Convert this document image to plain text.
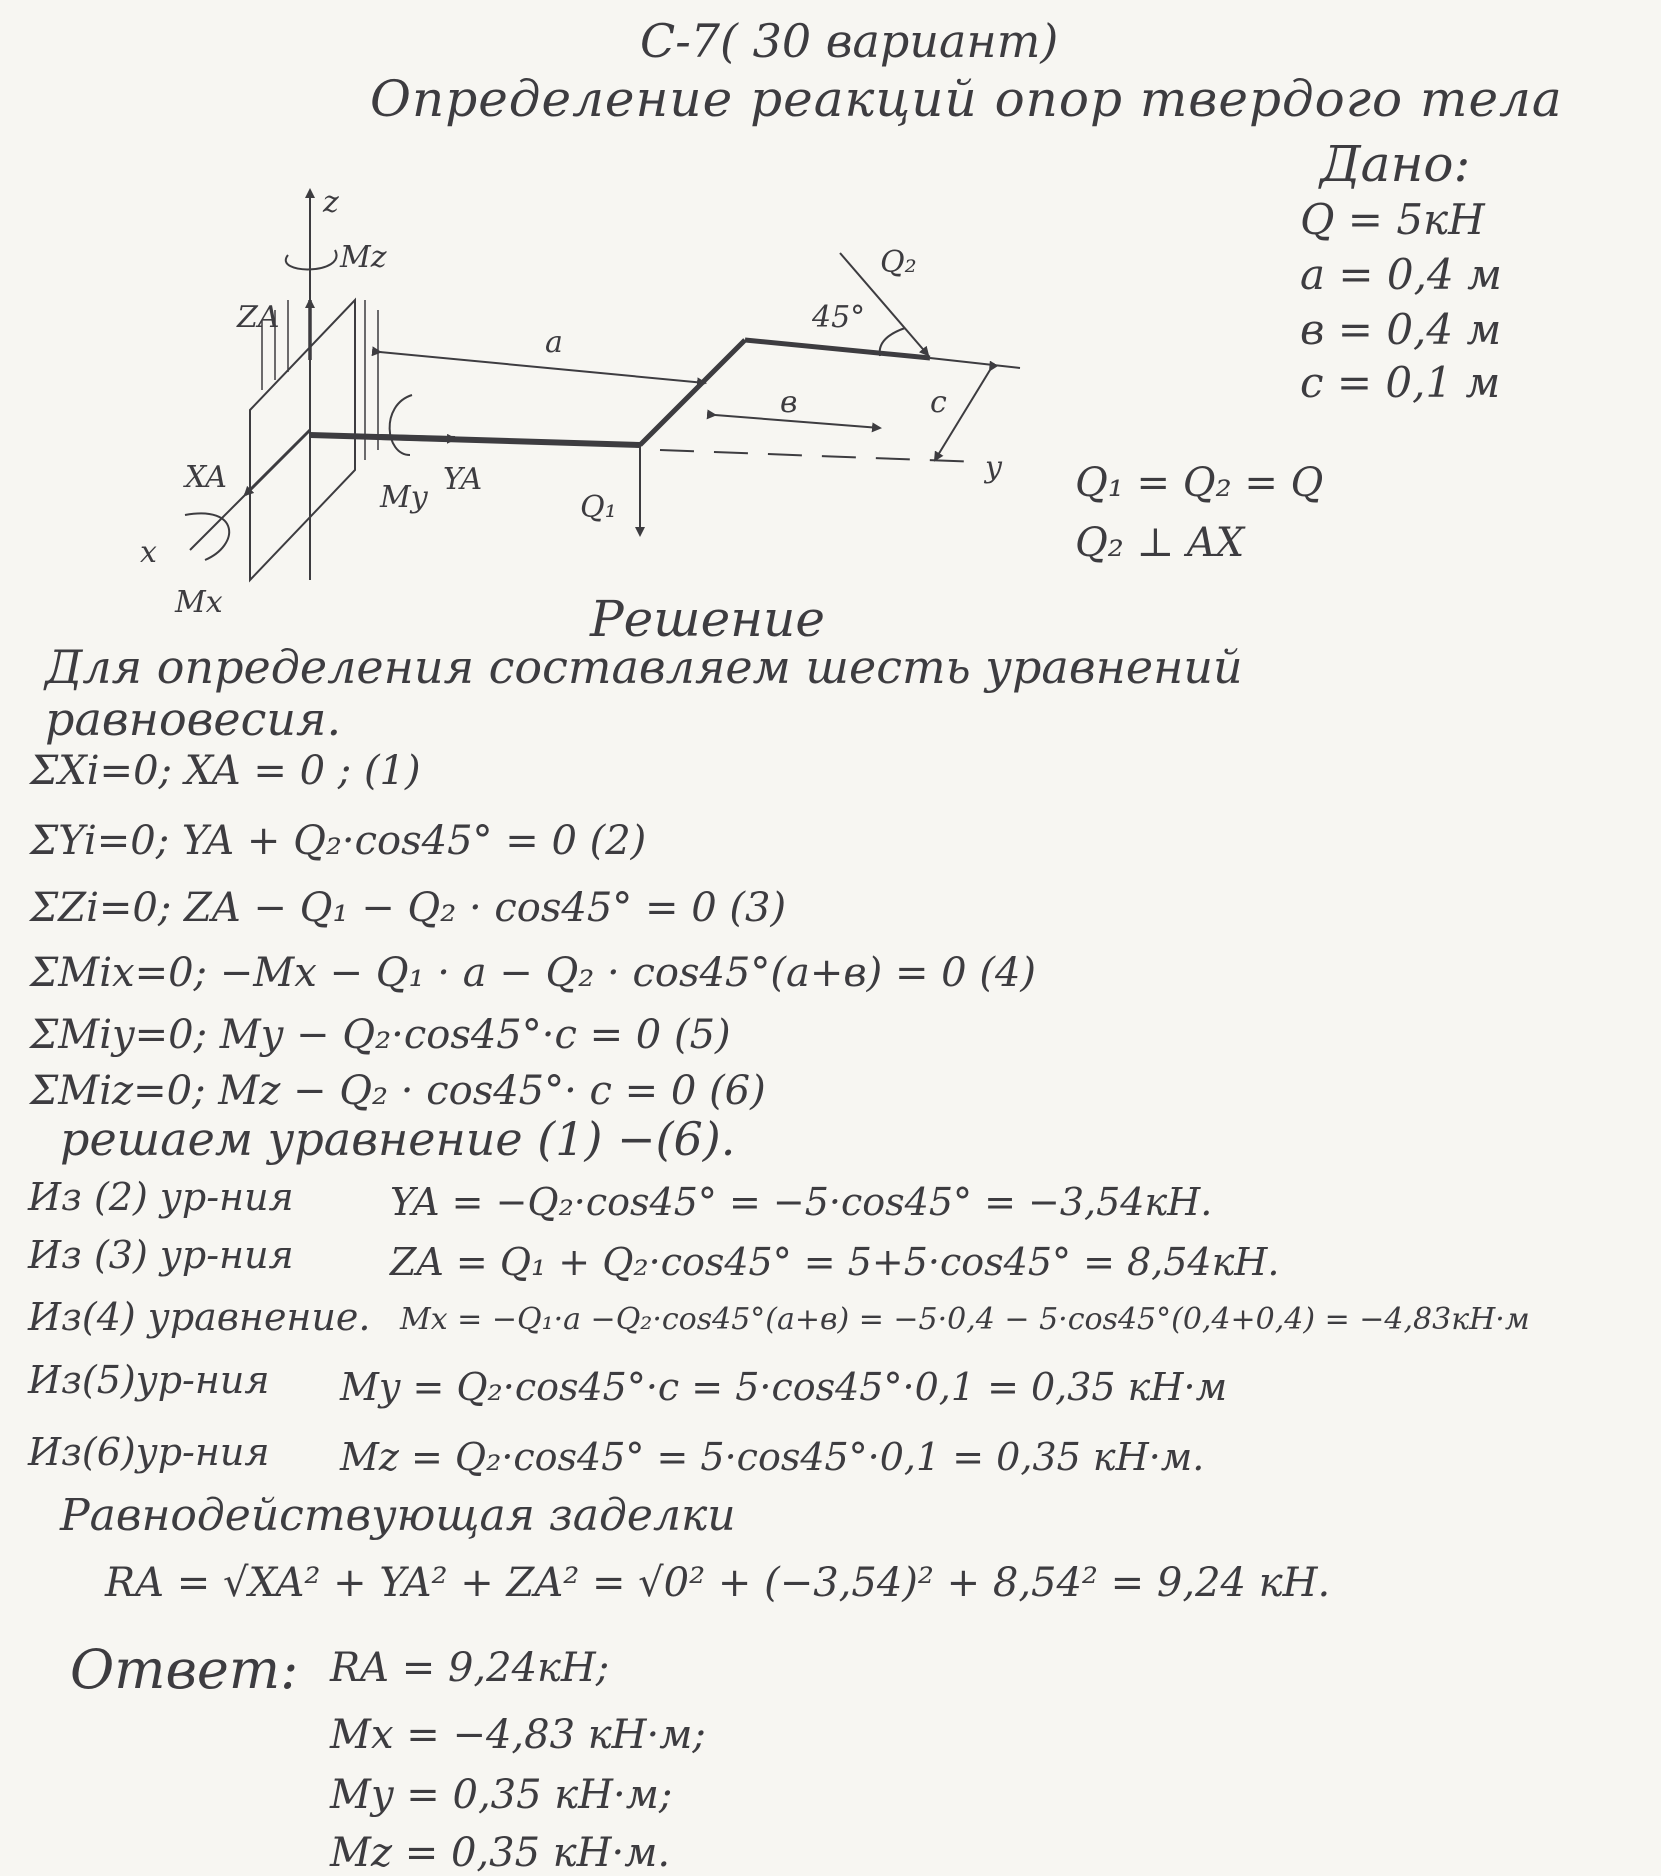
С-7( 30 вариант)
Определение реакций опор твердого тела
Дано:
Q = 5кН
a = 0,4 м
в = 0,4 м
c = 0,1 м
Q₁ = Q₂ = Q
Q₂ ⊥ AX
z
Mz
ZA
XA
x
Mx
My
YA
a
в	c
y
Q₁
Q₂
45°
Решение
Для определения составляем шесть уравнений
равновесия.
ΣXi=0; XA = 0 ; (1)
ΣYi=0; YA + Q₂·cos45° = 0 (2)
ΣZi=0; ZA − Q₁ − Q₂ · cos45° = 0 (3)
ΣMix=0; −Mx − Q₁ · a − Q₂ · cos45°(a+в) = 0 (4)
ΣMiy=0; My − Q₂·cos45°·c = 0 (5)
ΣMiz=0; Mz − Q₂ · cos45°· c = 0 (6)
решаем уравнение (1) −(6).
Из (2) ур-ния	YA = −Q₂·cos45° = −5·cos45° = −3,54кН.
Из (3) ур-ния	ZA = Q₁ + Q₂·cos45° = 5+5·cos45° = 8,54кН.
Из(4) уравнение. Mx = −Q₁·a −Q₂·cos45°(a+в) = −5·0,4 − 5·cos45°(0,4+0,4) = −4,83кН·м
Из(5)ур-ния My = Q₂·cos45°·c = 5·cos45°·0,1 = 0,35 кН·м
Из(6)ур-ния Mz = Q₂·cos45° = 5·cos45°·0,1 = 0,35 кН·м.
Равнодействующая заделки
RA = √XA² + YA² + ZA² = √0² + (−3,54)² + 8,54² = 9,24 кН.
Ответ: RA = 9,24кН;
Mx = −4,83 кН·м;
My = 0,35 кН·м;
Mz = 0,35 кН·м.
